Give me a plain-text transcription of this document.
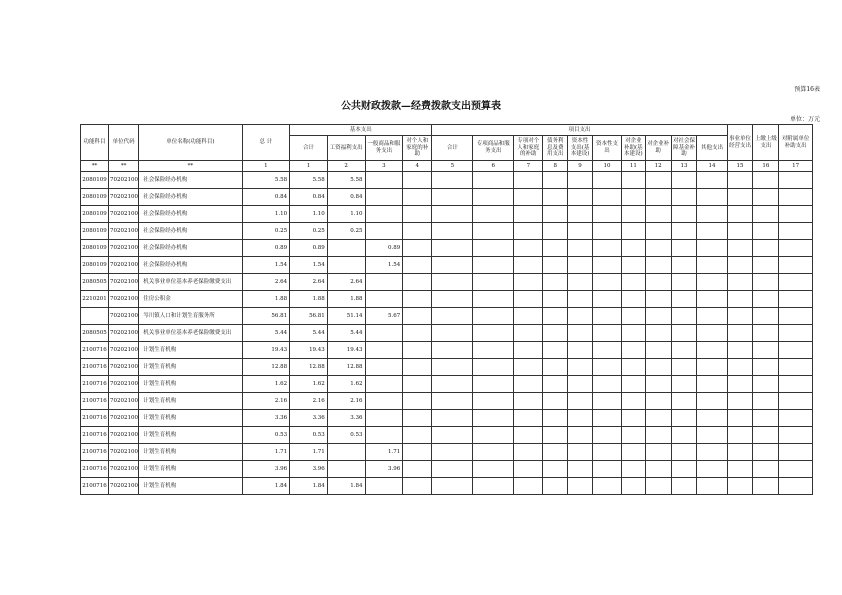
预算16表
公共财政拨款—经费拨款支出预算表
单位：万元
功能科目	单位代码	单位名称(功能科目)	总 计	基本支出				项目支出										事业单位经营支出	上缴上级支出	对附属单位补助支出
				合计	工资福利支出	一般商品和服务支出	对个人和家庭的补助	合计	专项商品和服务支出	专项对个人和家庭的补助	债务利息及费用支出	资本性支出(基本建设)	资本性支出	对企业补助(基本建设)	对企业补助	对社会保障基金补助	其他支出			
**	**	**	1	1	2	3	4	5	6	7	8	9	10	11	12	13	14	15	16	17
2080109	70202100	社会保险经办机构	5.58	5.58	5.58															
2080109	70202100	社会保险经办机构	0.84	0.84	0.84															
2080109	70202100	社会保险经办机构	1.10	1.10	1.10															
2080109	70202100	社会保险经办机构	0.25	0.25	0.25															
2080109	70202100	社会保险经办机构	0.89	0.89		0.89														
2080109	70202100	社会保险经办机构	1.54	1.54		1.54														
2080505	70202100	机关事业单位基本养老保险缴费支出	2.64	2.64	2.64															
2210201	70202100	住房公积金	1.88	1.88	1.88															
	70202100	岑川镇人口和计划生育服务所	56.81	56.81	51.14	5.67														
2080505	70202100	机关事业单位基本养老保险缴费支出	5.44	5.44	5.44															
2100716	70202100	计划生育机构	19.43	19.43	19.43															
2100716	70202100	计划生育机构	12.88	12.88	12.88															
2100716	70202100	计划生育机构	1.62	1.62	1.62															
2100716	70202100	计划生育机构	2.16	2.16	2.16															
2100716	70202100	计划生育机构	3.36	3.36	3.36															
2100716	70202100	计划生育机构	0.53	0.53	0.53															
2100716	70202100	计划生育机构	1.71	1.71		1.71														
2100716	70202100	计划生育机构	3.96	3.96		3.96														
2100716	70202100	计划生育机构	1.84	1.84	1.84															
